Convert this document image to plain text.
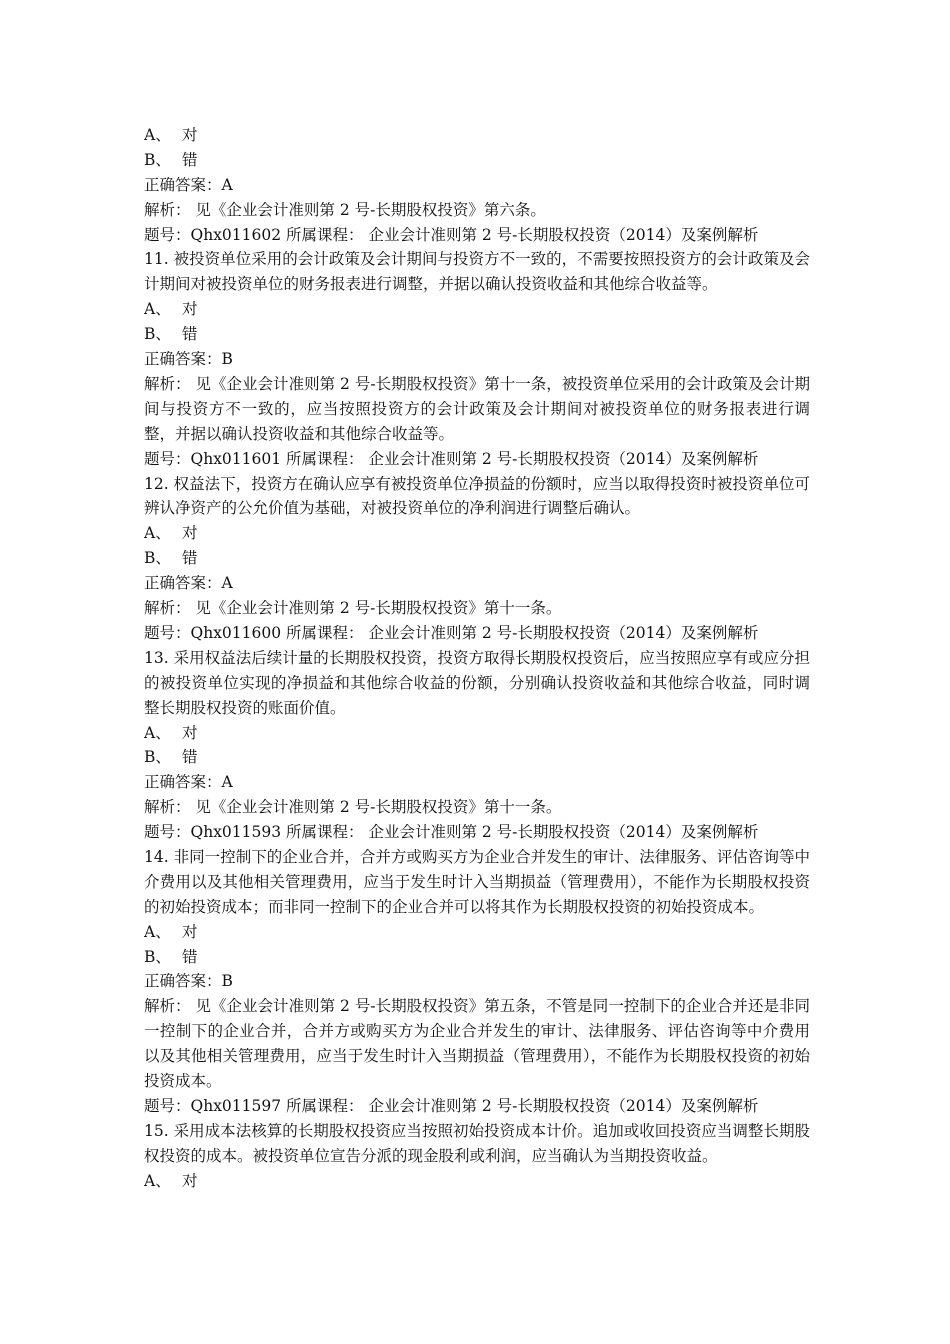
A、 对
B、 错
正确答案：A
解析： 见《企业会计准则第 2 号-长期股权投资》第六条。
题号：Qhx011602 所属课程： 企业会计准则第 2 号-长期股权投资（2014）及案例解析
11. 被投资单位采用的会计政策及会计期间与投资方不一致的，不需要按照投资方的会计政策及会计期间对被投资单位的财务报表进行调整，并据以确认投资收益和其他综合收益等。
A、 对
B、 错
正确答案：B
解析： 见《企业会计准则第 2 号-长期股权投资》第十一条，被投资单位采用的会计政策及会计期间与投资方不一致的，应当按照投资方的会计政策及会计期间对被投资单位的财务报表进行调整，并据以确认投资收益和其他综合收益等。
题号：Qhx011601 所属课程： 企业会计准则第 2 号-长期股权投资（2014）及案例解析
12. 权益法下，投资方在确认应享有被投资单位净损益的份额时，应当以取得投资时被投资单位可辨认净资产的公允价值为基础，对被投资单位的净利润进行调整后确认。
A、 对
B、 错
正确答案：A
解析： 见《企业会计准则第 2 号-长期股权投资》第十一条。
题号：Qhx011600 所属课程： 企业会计准则第 2 号-长期股权投资（2014）及案例解析
13. 采用权益法后续计量的长期股权投资，投资方取得长期股权投资后，应当按照应享有或应分担的被投资单位实现的净损益和其他综合收益的份额，分别确认投资收益和其他综合收益，同时调整长期股权投资的账面价值。
A、 对
B、 错
正确答案：A
解析： 见《企业会计准则第 2 号-长期股权投资》第十一条。
题号：Qhx011593 所属课程： 企业会计准则第 2 号-长期股权投资（2014）及案例解析
14. 非同一控制下的企业合并，合并方或购买方为企业合并发生的审计、法律服务、评估咨询等中介费用以及其他相关管理费用，应当于发生时计入当期损益（管理费用），不能作为长期股权投资的初始投资成本；而非同一控制下的企业合并可以将其作为长期股权投资的初始投资成本。
A、 对
B、 错
正确答案：B
解析： 见《企业会计准则第 2 号-长期股权投资》第五条，不管是同一控制下的企业合并还是非同一控制下的企业合并，合并方或购买方为企业合并发生的审计、法律服务、评估咨询等中介费用以及其他相关管理费用，应当于发生时计入当期损益（管理费用），不能作为长期股权投资的初始投资成本。
题号：Qhx011597 所属课程： 企业会计准则第 2 号-长期股权投资（2014）及案例解析
15. 采用成本法核算的长期股权投资应当按照初始投资成本计价。追加或收回投资应当调整长期股权投资的成本。被投资单位宣告分派的现金股利或利润，应当确认为当期投资收益。
A、 对
